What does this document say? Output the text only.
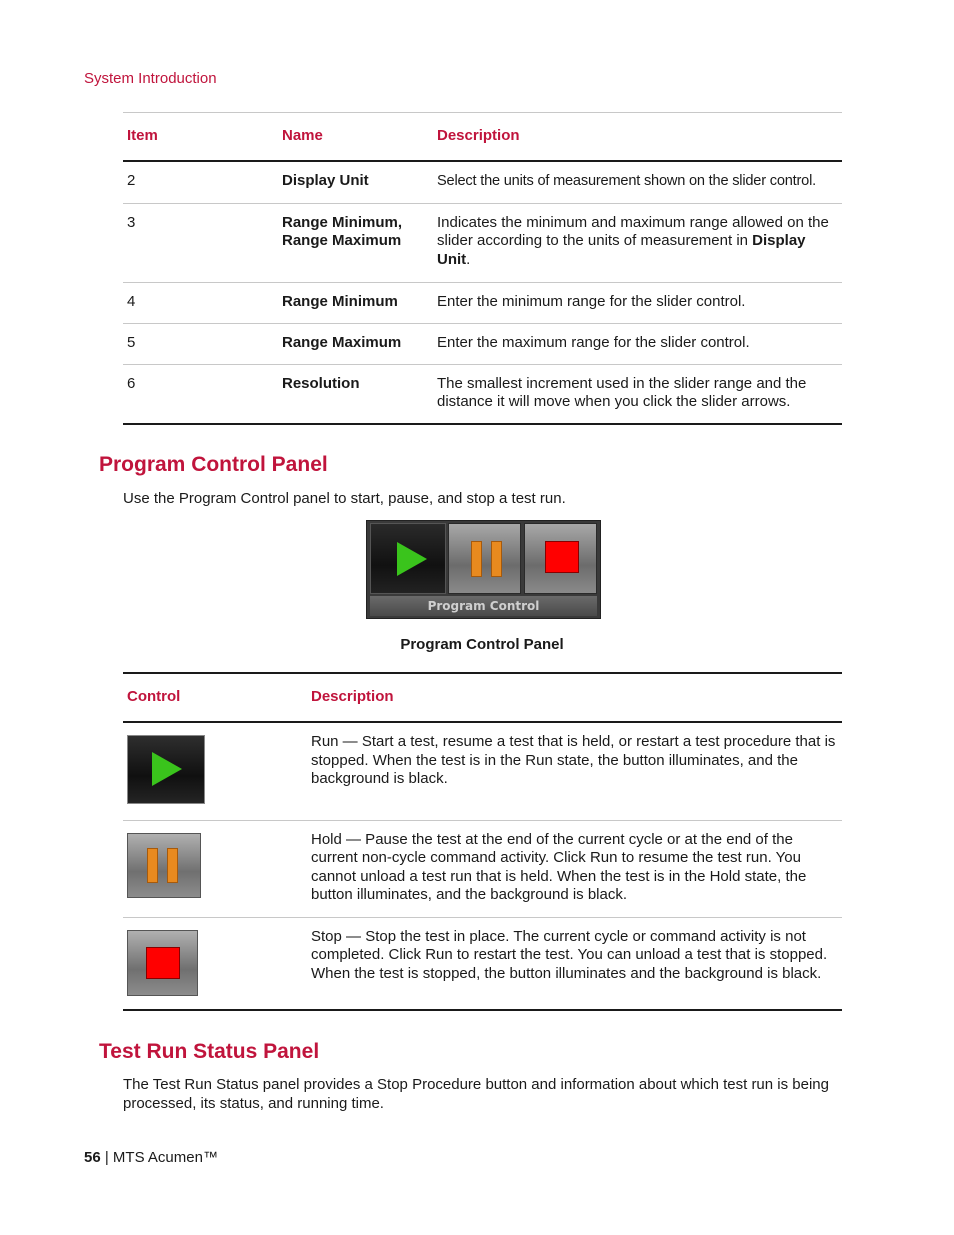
System Introduction
Item	Name	Description
2	Display Unit	Select the units of measurement shown on the slider control.
3	Range Minimum, Range Maximum	Indicates the minimum and maximum range allowed on the slider according to the units of measurement in Display Unit.
4	Range Minimum	Enter the minimum range for the slider control.
5	Range Maximum	Enter the maximum range for the slider control.
6	Resolution	The smallest increment used in the slider range and the distance it will move when you click the slider arrows.
Program Control Panel

Use the Program Control panel to start, pause, and stop a test run.

Program Control
Program Control Panel
Control	Description

	Run — Start a test, resume a test that is held, or restart a test procedure that is stopped. When the test is in the Run state, the button illuminates, and the background is black.

	Hold — Pause the test at the end of the current cycle or at the end of the current non-cycle command activity. Click Run to resume the test run. You cannot unload a test run that is held. When the test is in the Hold state, the button illuminates, and the background is black.

	Stop — Stop the test in place. The current cycle or command activity is not completed. Click Run to restart the test. You can unload a test that is stopped. When the test is stopped, the button illuminates and the background is black.
Test Run Status Panel

The Test Run Status panel provides a Stop Procedure button and information about which test run is being processed, its status, and running time.

56 | MTS Acumen™
